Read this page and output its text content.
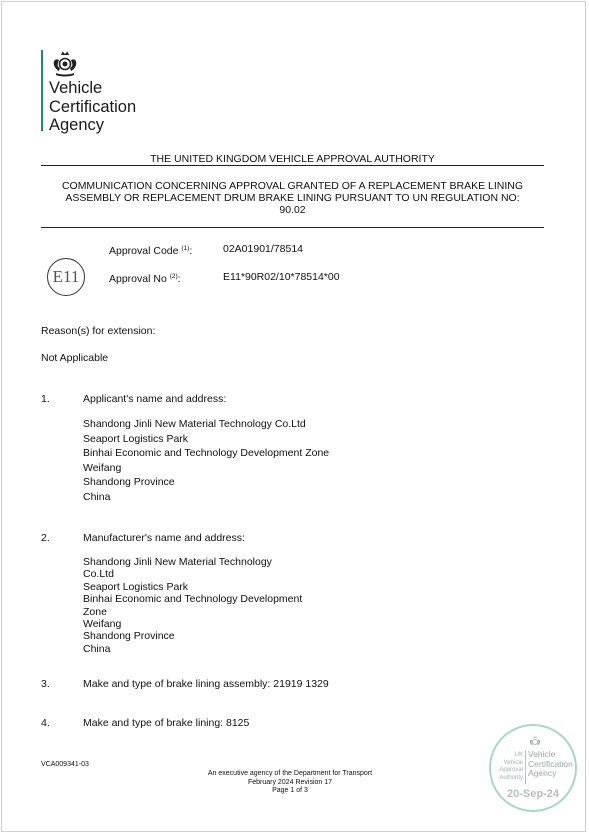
Vehicle
Certification
Agency
THE UNITED KINGDOM VEHICLE APPROVAL AUTHORITY
COMMUNICATION CONCERNING APPROVAL GRANTED OF A REPLACEMENT BRAKE LINING
ASSEMBLY OR REPLACEMENT DRUM BRAKE LINING PURSUANT TO UN REGULATION NO:
90.02
E11
Approval Code $^{(1)}$:	02A01901/78514
Approval No $^{(2)}$:	E11*90R02/10*78514*00
Reason(s) for extension:
Not Applicable
1.	Applicant's name and address:
Shandong Jinli New Material Technology Co.Ltd
Seaport Logistics Park
Binhai Economic and Technology Development Zone
Weifang
Shandong Province
China
2.	Manufacturer's name and address:
Shandong Jinli New Material Technology
Co.Ltd
Seaport Logistics Park
Binhai Economic and Technology Development
Zone
Weifang
Shandong Province
China
3.	Make and type of brake lining assembly: 21919 1329
4.	Make and type of brake lining: 8125
VCA009341-03
An executive agency of the Department for Transport
February 2024 Revision 17
Page 1 of 3
UK
Vehicle
Approval
Authority
Vehicle
Certification
Agency
20-Sep-24
